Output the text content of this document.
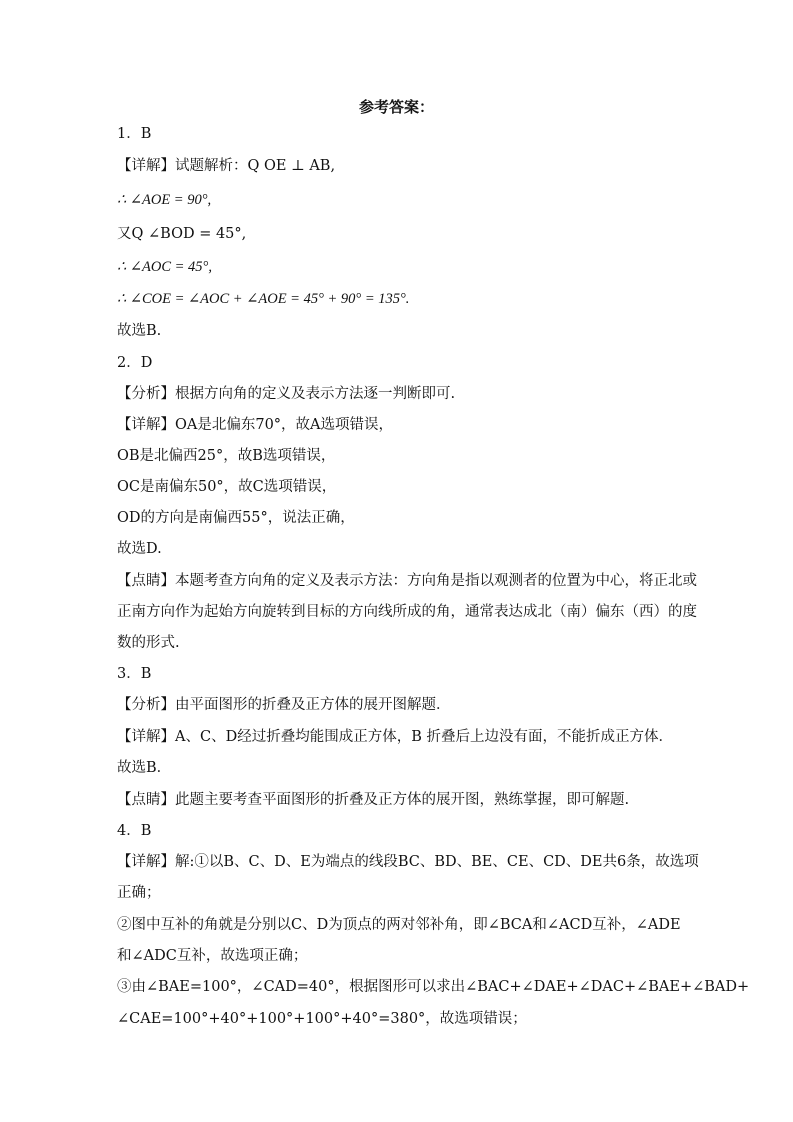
参考答案：
1．B
【详解】试题解析：Q OE ⊥ AB,
∴ ∠AOE = 90°,
又Q ∠BOD = 45°,
∴ ∠AOC = 45°,
∴ ∠COE = ∠AOC + ∠AOE = 45° + 90° = 135°.
故选B.
2．D
【分析】根据方向角的定义及表示方法逐一判断即可.
【详解】OA是北偏东70°，故A选项错误，
OB是北偏西25°，故B选项错误，
OC是南偏东50°，故C选项错误，
OD的方向是南偏西55°，说法正确，
故选D.
【点睛】本题考查方向角的定义及表示方法：方向角是指以观测者的位置为中心，将正北或
正南方向作为起始方向旋转到目标的方向线所成的角，通常表达成北（南）偏东（西）的度
数的形式.
3．B
【分析】由平面图形的折叠及正方体的展开图解题．
【详解】A、C、D经过折叠均能围成正方体，B 折叠后上边没有面，不能折成正方体．
故选B．
【点睛】此题主要考查平面图形的折叠及正方体的展开图，熟练掌握，即可解题.
4．B
【详解】解:①以B、C、D、E为端点的线段BC、BD、BE、CE、CD、DE共6条，故选项
正确；
②图中互补的角就是分别以C、D为顶点的两对邻补角，即∠BCA和∠ACD互补，∠ADE
和∠ADC互补，故选项正确；
③由∠BAE=100°，∠CAD=40°，根据图形可以求出∠BAC+∠DAE+∠DAC+∠BAE+∠BAD+
∠CAE=100°+40°+100°+100°+40°=380°，故选项错误；
